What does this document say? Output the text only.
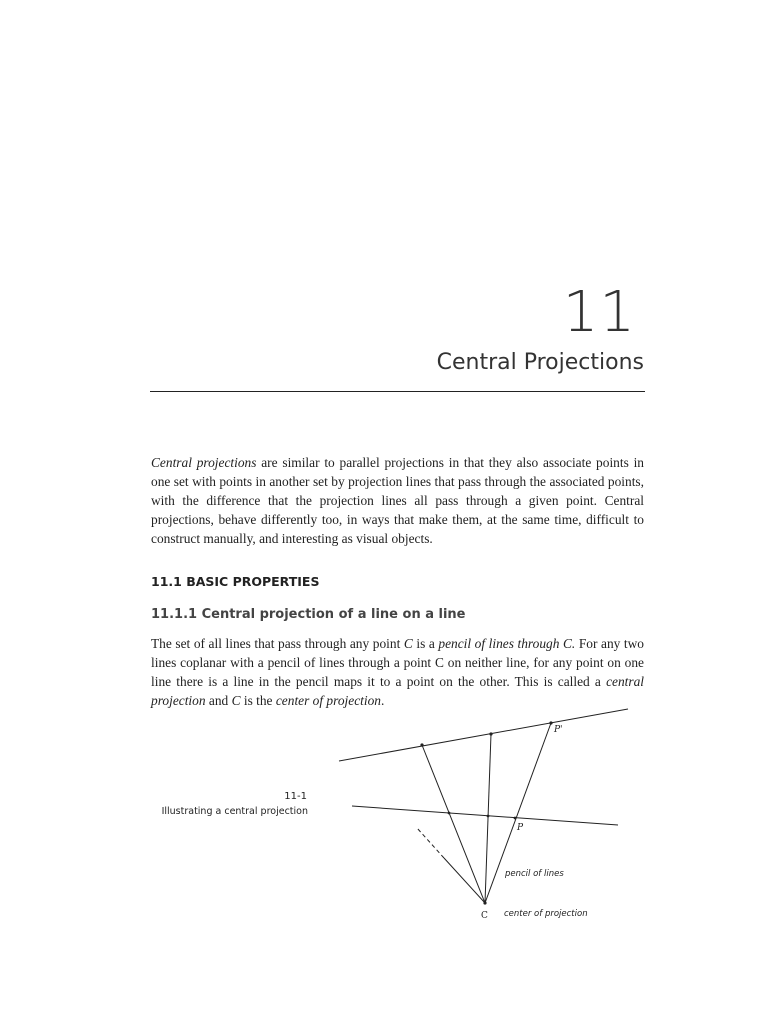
11
Central Projections

Central projections are similar to parallel projections in that they also associate points in one set with points in another set by projection lines that pass through the associated points, with the difference that the projection lines all pass through a given point. Central projections, behave differently too, in ways that make them, at the same time, difficult to construct manually, and interesting as visual objects.

11.1 BASIC PROPERTIES
11.1.1 Central projection of a line on a line

The set of all lines that pass through any point C is a pencil of lines through C. For any two lines coplanar with a pencil of lines through a point C on neither line, for any point on one line there is a line in the pencil maps it to a point on the other. This is called a central projection and C is the center of projection.

11-1
Illustrating a central projection
P'
P
C
pencil of lines
center of projection
